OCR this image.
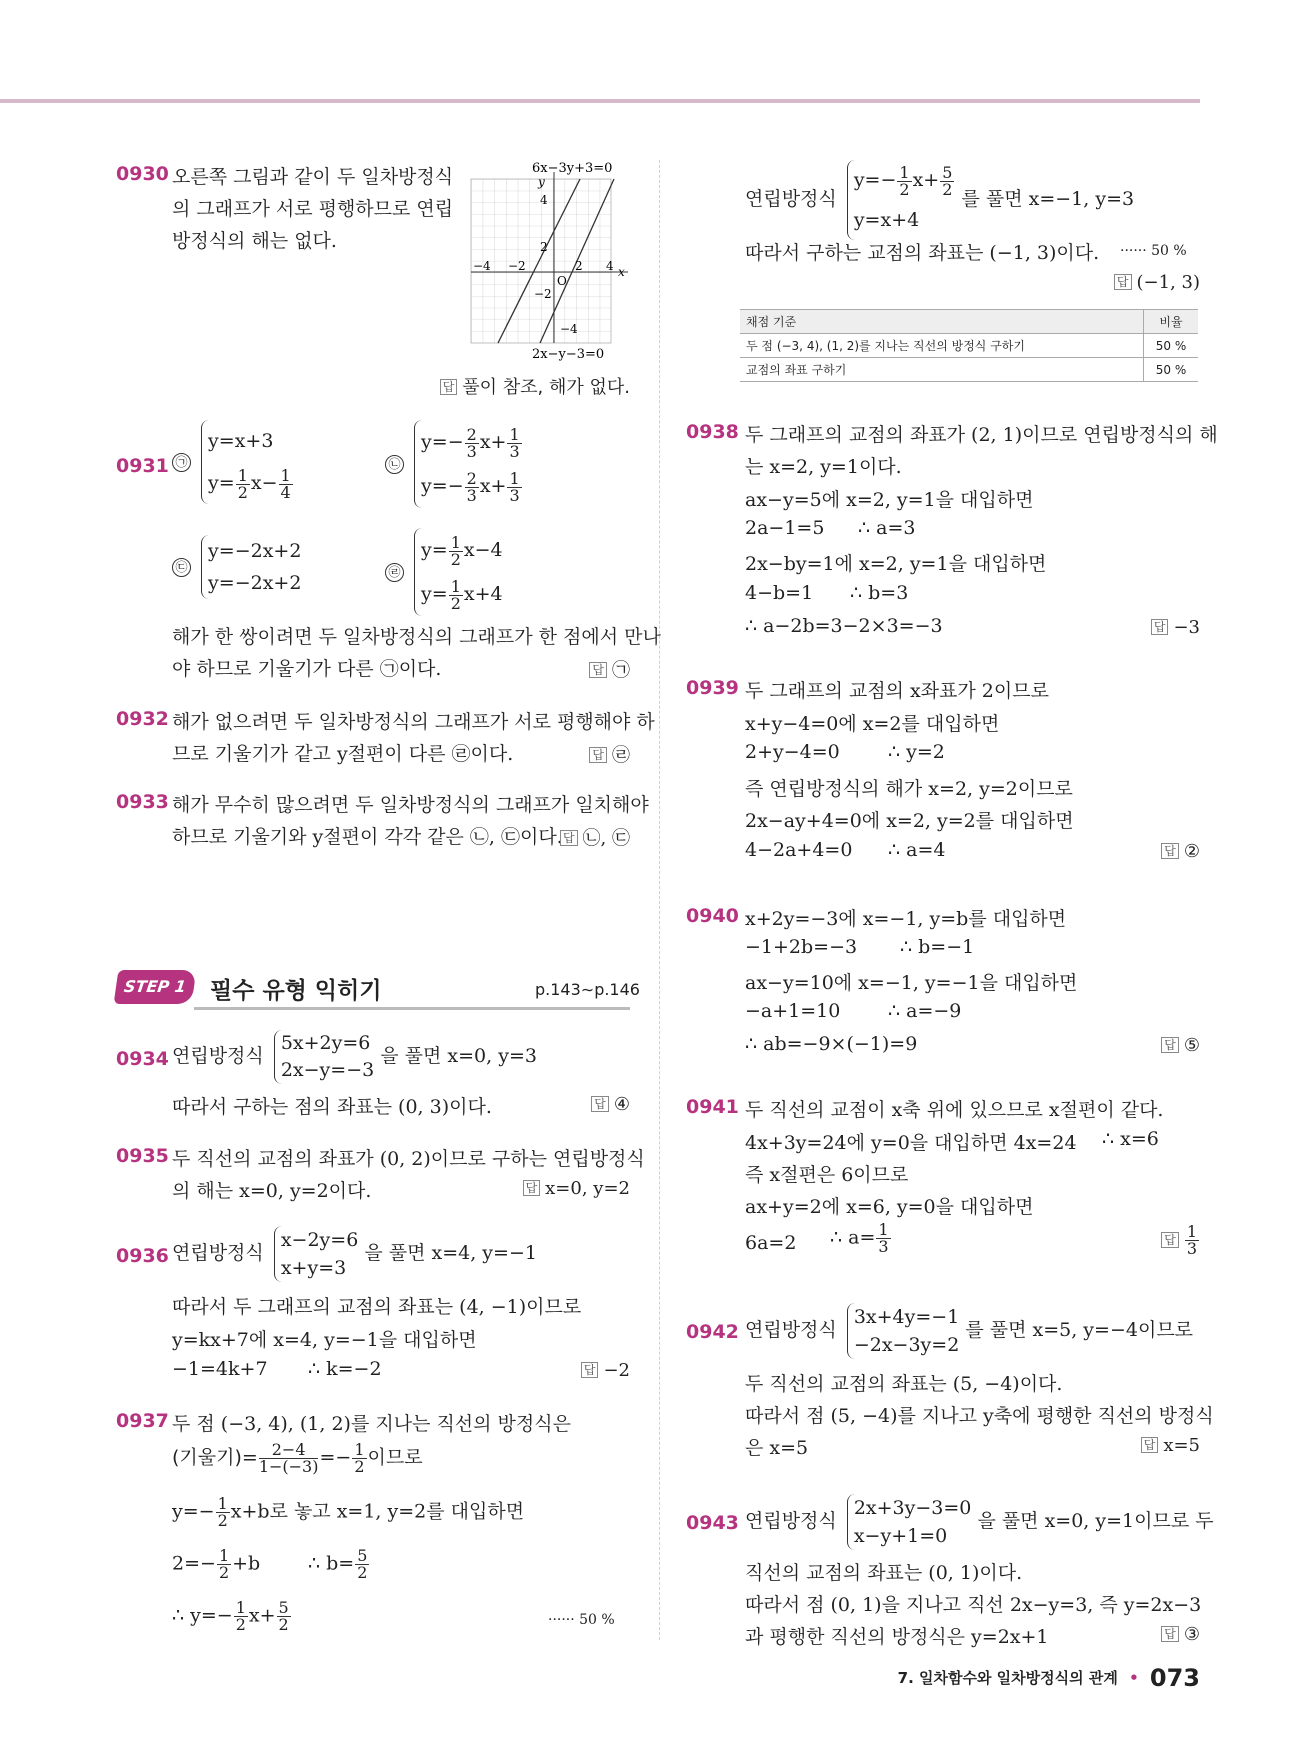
0930 오른쪽 그림과 같이 두 일차방정식
의 그래프가 서로 평행하므로 연립
방정식의 해는 없다.
6x−3y+3=0
y
x
O
4
2
−2
−4
2 4
−2
−4
2x−y−3=0
답 풀이 참조, 해가 없다.
0931 ㉠ y=x+3
$y= \frac{1}{2} x- \frac{1}{4}$
㉡ $y=- \frac{2}{3} x+ \frac{1}{3}$

$y=- \frac{2}{3} x+ \frac{1}{3}$
㉢ y=−2x+2
y=−2x+2	㉣ $y= \frac{1}{2} x-4$
$y= \frac{1}{2} x+4$
해가 한 쌍이려면 두 일차방정식의 그래프가 한 점에서 만나
야 하므로 기울기가 다른 ㉠이다.	답 ㉠
0932 해가 없으려면 두 일차방정식의 그래프가 서로 평행해야 하
므로 기울기가 같고 y절편이 다른 ㉣이다.	답 ㉣
0933 해가 무수히 많으려면 두 일차방정식의 그래프가 일치해야
하므로 기울기와 y절편이 각각 같은 ㉡, ㉢이다. 답 ㉡, ㉢
STEP 1 필수 유형 익히기	p.143∼p.146
0934 연립방정식 5x+2y=6
2x−y=−3 을 풀면 x=0, y=3
따라서 구하는 점의 좌표는 (0, 3)이다.	답 ④
0935 두 직선의 교점의 좌표가 (0, 2)이므로 구하는 연립방정식
의 해는 x=0, y=2이다.	답 x=0, y=2
0936 연립방정식 x−2y=6
x+y=3 을 풀면 x=4, y=−1
따라서 두 그래프의 교점의 좌표는 (4, −1)이므로
y=kx+7에 x=4, y=−1을 대입하면
−1=4k+7 ∴ k=−2	답 −2
0937 두 점 (−3, 4), (1, 2)를 지나는 직선의 방정식은
(기울기)= $\frac{2-4}{1-(-3)} =- \frac{1}{2}$ 이므로
$y=- \frac{1}{2} x+b$로 놓고 x=1, y=2를 대입하면
$2=- \frac{1}{2} +b$	∴ $b= \frac{5}{2}$
∴ $y=- \frac{1}{2} x+ \frac{5}{2}$	······ 50 %
연립방정식 $y=- \frac{1}{2} x+ \frac{5}{2}$

y=x+4 를 풀면 x=−1, y=3
따라서 구하는 교점의 좌표는 (−1, 3)이다. ······ 50 %
답 (−1, 3)
채점 기준	비율
두 점 (−3, 4), (1, 2)를 지나는 직선의 방정식 구하기	50 %
교점의 좌표 구하기	50 %
0938 두 그래프의 교점의 좌표가 (2, 1)이므로 연립방정식의 해
는 x=2, y=1이다.
ax−y=5에 x=2, y=1을 대입하면
2a−1=5 ∴ a=3
2x−by=1에 x=2, y=1을 대입하면
4−b=1 ∴ b=3
∴ a−2b=3−2×3=−3	답 −3
0939 두 그래프의 교점의 x좌표가 2이므로
x+y−4=0에 x=2를 대입하면
2+y−4=0	∴ y=2
즉 연립방정식의 해가 x=2, y=2이므로
2x−ay+4=0에 x=2, y=2를 대입하면
4−2a+4=0 ∴ a=4	답 ②
0940 x+2y=−3에 x=−1, y=b를 대입하면
−1+2b=−3 ∴ b=−1
ax−y=10에 x=−1, y=−1을 대입하면
−a+1=10	∴ a=−9
∴ ab=−9×(−1)=9	답 ⑤
0941 두 직선의 교점이 x축 위에 있으므로 x절편이 같다.
4x+3y=24에 y=0을 대입하면 4x=24 ∴ x=6
즉 x절편은 6이므로
ax+y=2에 x=6, y=0을 대입하면
6a=2 ∴ $a= \frac{1}{3}$	답 $\frac{1}{3}$
0942 연립방정식 3x+4y=−1
−2x−3y=2 를 풀면 x=5, y=−4이므로
두 직선의 교점의 좌표는 (5, −4)이다.
따라서 점 (5, −4)를 지나고 y축에 평행한 직선의 방정식
은 x=5	답 x=5
0943 연립방정식 2x+3y−3=0
x−y+1=0 을 풀면 x=0, y=1이므로 두
직선의 교점의 좌표는 (0, 1)이다.
따라서 점 (0, 1)을 지나고 직선 2x−y=3, 즉 y=2x−3
과 평행한 직선의 방정식은 y=2x+1	답 ③
7. 일차함수와 일차방정식의 관계 • 073
